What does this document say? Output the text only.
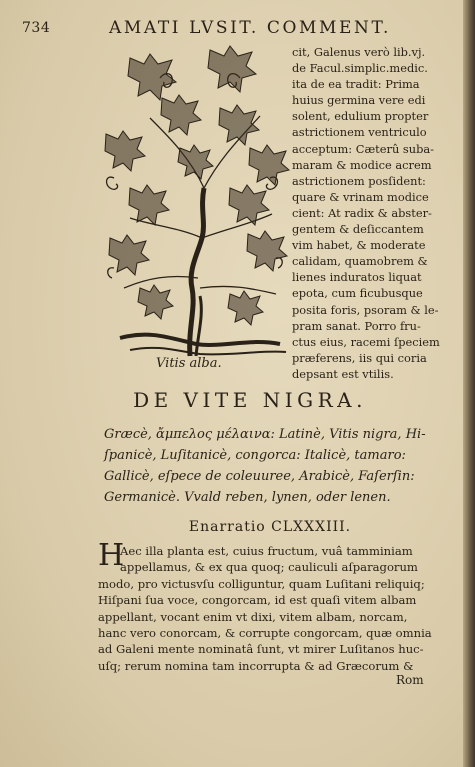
734	AMATI LVSIT. COMMENT.
Vitis alba.
cit, Galenus verò lib.vj.
de Facul.simplic.medic.
ita de ea tradit: Prima
huius germina vere edi
solent, edulium propter
astrictionem ventriculo
acceptum: Cæterû suba-
maram & modice acrem
astrictionem posſident:
quare & vrinam modice
cient: At radix & abster-
gentem & deſiccantem
vim habet, & moderate
calidam, quamobrem &
lienes induratos liquat
epota, cum ficubusque
posita foris, psoram & le-
pram sanat. Porro fru-
ctus eius, racemi ſpeciem
præferens, iis qui coria
depsant est vtilis.
DE VITE NIGRA.
Græcè, ἄμπελος μέλαινα: Latinè, Vitis nigra, Hi-
ſpanicè, Luſitanicè, congorca: Italicè, tamaro:
Gallicè, eſpece de coleuuree, Arabicè, Faſerſin:
Germanicè. Vvald reben, lynen, oder lenen.
Enarratio CLXXXIII.
H
Aec illa planta est, cuius fructum, vuâ tamminiam
appellamus, & ex qua quoq; cauliculi aſparagorum
modo, pro victusvſu colliguntur, quam Luſitani reliquiq;
Hiſpani ſua voce, congorcam, id est quaſi vitem albam
appellant, vocant enim vt dixi, vitem albam, norcam,
hanc vero conorcam, & corrupte congorcam, quæ omnia
ad Galeni mente nominatâ ſunt, vt mirer Luſitanos huc-
uſq; rerum nomina tam incorrupta & ad Græcorum &
Rom
